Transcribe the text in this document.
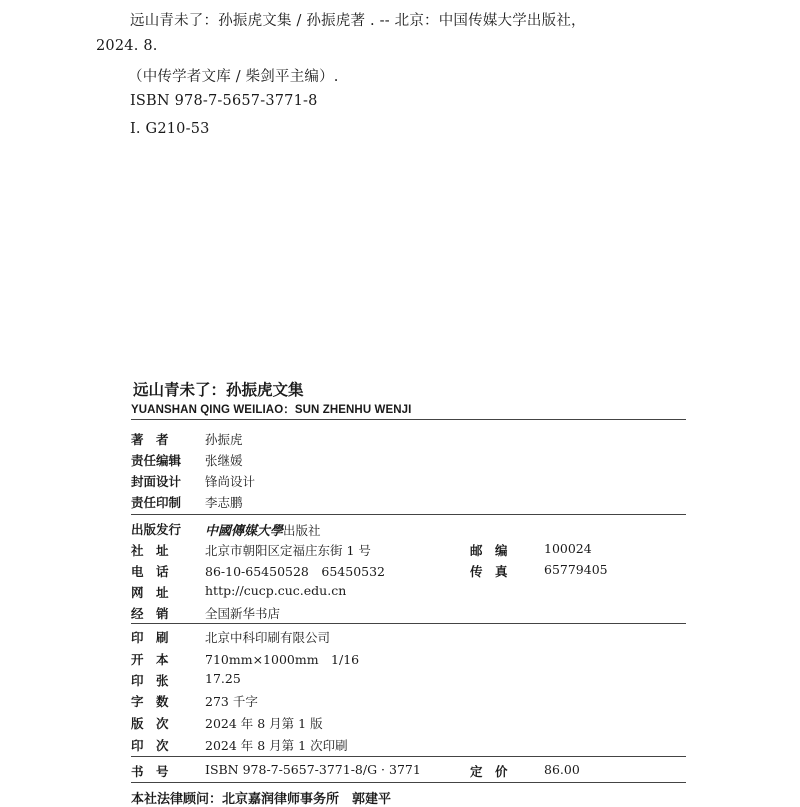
远山青未了：孙振虎文集 / 孙振虎著 . -- 北京：中国传媒大学出版社，
2024. 8.
（中传学者文库 / 柴剑平主编）.
ISBN 978-7-5657-3771-8
Ⅰ. G210-53
远山青未了：孙振虎文集
YUANSHAN QING WEILIAO：SUN ZHENHU WENJI
著　者	孙振虎
责任编辑 张继媛
封面设计 锋尚设计
责任印制 李志鹏
出版发行 中國傳媒大學出版社
社　址	北京市朝阳区定福庄东街 1 号	邮　编	100024
电　话	86-10-65450528　65450532	传　真	65779405
网　址	http://cucp.cuc.edu.cn
经　销	全国新华书店
印　刷	北京中科印刷有限公司
开　本	710mm×1000mm　1/16
印　张	17.25
字　数	273 千字
版　次	2024 年 8 月第 1 版
印　次	2024 年 8 月第 1 次印刷
书　号	ISBN 978-7-5657-3771-8/G · 3771	定　价	86.00
本社法律顾问：北京嘉润律师事务所　郭建平
